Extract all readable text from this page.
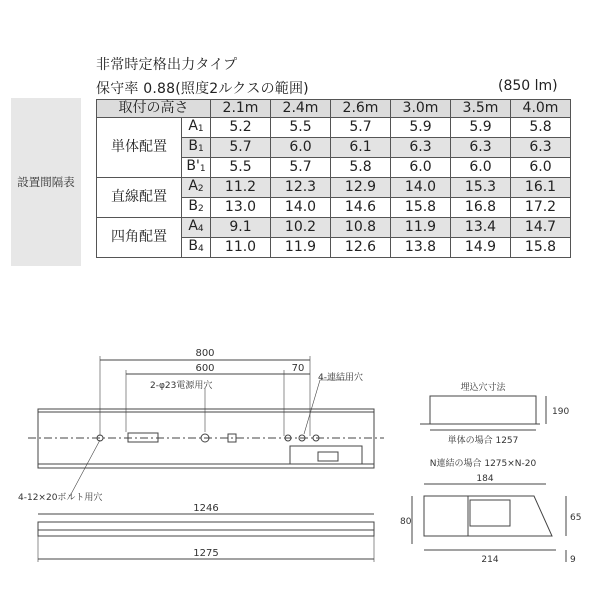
非常時定格出力タイプ
保守率 0.88(照度2ルクスの範囲)	(850 lm)
設置間隔表
取付の高さ		2.1m	2.4m	2.6m	3.0m	3.5m	4.0m
単体配置	$A_1$	5.2	5.5	5.7	5.9	5.9	5.8
	$B_1$	5.7	6.0	6.1	6.3	6.3	6.3
	$B'_1$	5.5	5.7	5.8	6.0	6.0	6.0
直線配置	$A_2$	11.2	12.3	12.9	14.0	15.3	16.1
	$B_2$	13.0	14.0	14.6	15.8	16.8	17.2
四角配置	$A_4$	9.1	10.2	10.8	11.9	13.4	14.7
	$B_4$	11.0	11.9	12.6	13.8	14.9	15.8
800
600	70
2-φ23電源用穴
4-連結用穴
4-12×20ボルト用穴
1246
1275
埋込穴寸法
190
単体の場合 1257
N連結の場合 1275×N-20
184
80	65
9
214
